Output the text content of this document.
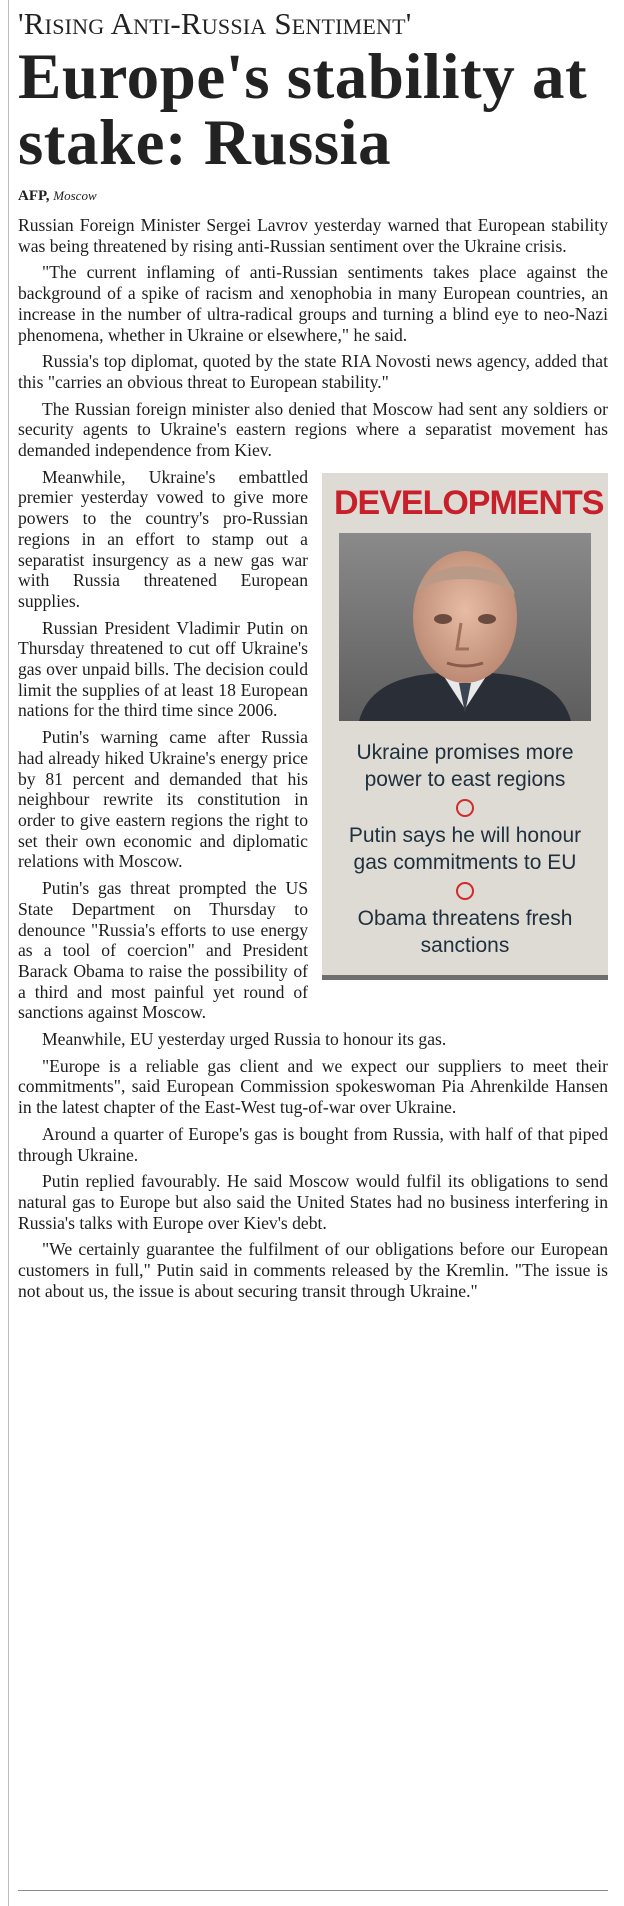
'Rising Anti-Russia Sentiment'
Europe's stability at stake: Russia
AFP, Moscow

Russian Foreign Minister Sergei Lavrov yesterday warned that European stability was being threatened by rising anti-Russian sentiment over the Ukraine crisis.

"The current inflaming of anti-Russian sentiments takes place against the background of a spike of racism and xenophobia in many European countries, an increase in the number of ultra-radical groups and turning a blind eye to neo-Nazi phenomena, whether in Ukraine or elsewhere," he said.

Russia's top diplomat, quoted by the state RIA Novosti news agency, added that this "carries an obvious threat to European stability."

The Russian foreign minister also denied that Moscow had sent any soldiers or security agents to Ukraine's eastern regions where a separatist movement has demanded independence from Kiev.

DEVELOPMENTS
Ukraine promises more power to east regions
Putin says he will honour gas commitments to EU
Obama threatens fresh sanctions

Meanwhile, Ukraine's embattled premier yesterday vowed to give more powers to the country's pro-Russian regions in an effort to stamp out a separatist insurgency as a new gas war with Russia threatened European supplies.

Russian President Vladimir Putin on Thursday threatened to cut off Ukraine's gas over unpaid bills. The decision could limit the supplies of at least 18 European nations for the third time since 2006.

Putin's warning came after Russia had already hiked Ukraine's energy price by 81 percent and demanded that his neighbour rewrite its constitution in order to give eastern regions the right to set their own economic and diplomatic relations with Moscow.

Putin's gas threat prompted the US State Department on Thursday to denounce "Russia's efforts to use energy as a tool of coercion" and President Barack Obama to raise the possibility of a third and most painful yet round of sanctions against Moscow.

Meanwhile, EU yesterday urged Russia to honour its gas.

"Europe is a reliable gas client and we expect our suppliers to meet their commitments", said European Commission spokeswoman Pia Ahrenkilde Hansen in the latest chapter of the East-West tug-of-war over Ukraine.

Around a quarter of Europe's gas is bought from Russia, with half of that piped through Ukraine.

Putin replied favourably. He said Moscow would fulfil its obligations to send natural gas to Europe but also said the United States had no business interfering in Russia's talks with Europe over Kiev's debt.

"We certainly guarantee the fulfilment of our obligations before our European customers in full," Putin said in comments released by the Kremlin. "The issue is not about us, the issue is about securing transit through Ukraine."
